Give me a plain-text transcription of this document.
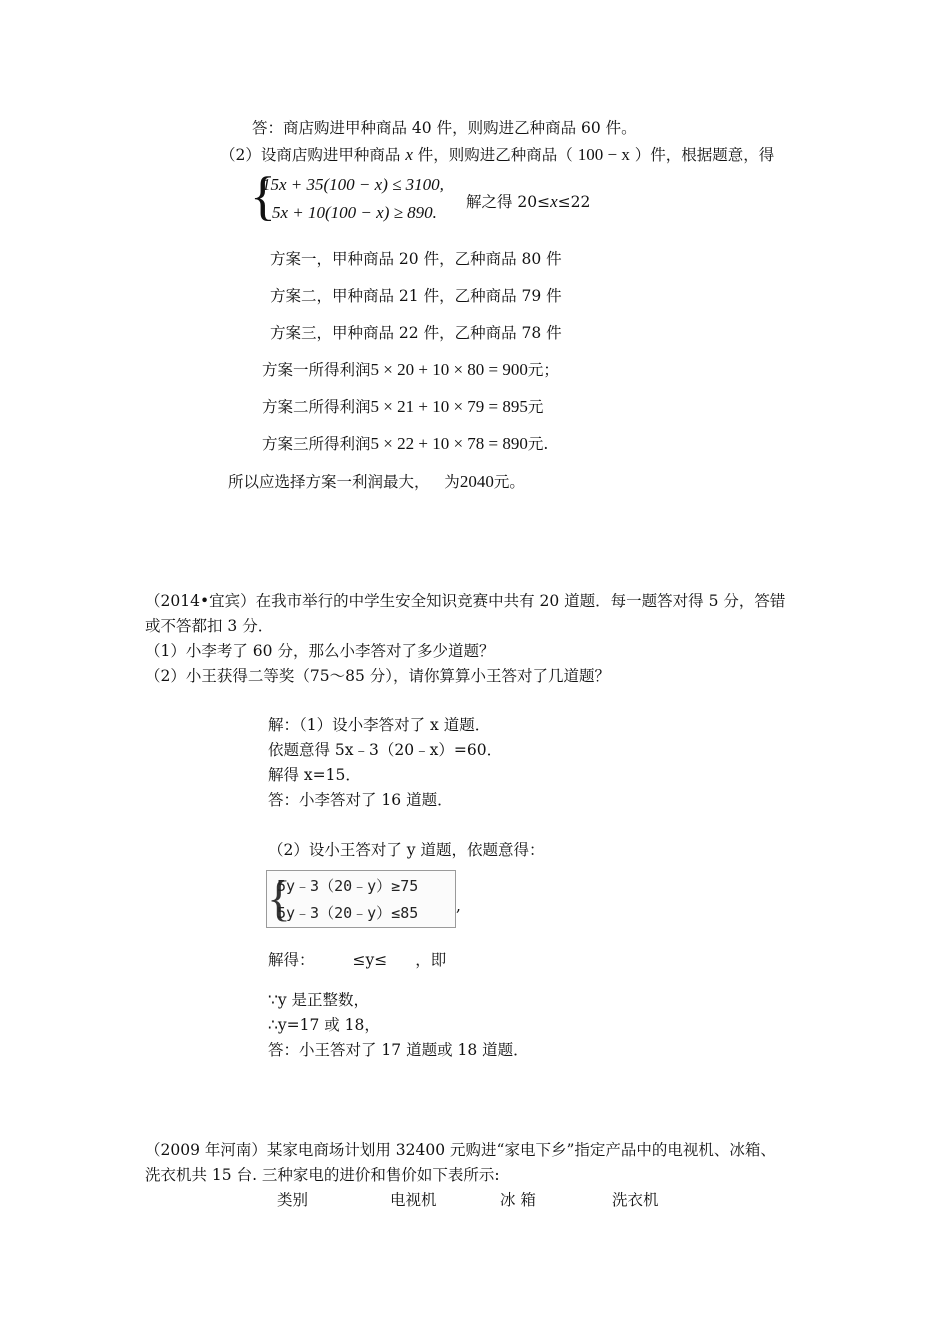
答：商店购进甲种商品 40 件，则购进乙种商品 60 件。
（2）设商店购进甲种商品 x 件，则购进乙种商品（ 100 − x ）件，根据题意，得
{
15x + 35(100 − x) ≤ 3100,
5x + 10(100 − x) ≥ 890.
解之得 20≤x≤22
方案一，甲种商品 20 件，乙种商品 80 件
方案二，甲种商品 21 件，乙种商品 79 件
方案三，甲种商品 22 件，乙种商品 78 件
方案一所得利润5 × 20 + 10 × 80 = 900元；
方案二所得利润5 × 21 + 10 × 79 = 895元
方案三所得利润5 × 22 + 10 × 78 = 890元.
所以应选择方案一利润最大， 为2040元。
（2014•宜宾）在我市举行的中学生安全知识竞赛中共有 20 道题．每一题答对得 5 分，答错
或不答都扣 3 分．
（1）小李考了 60 分，那么小李答对了多少道题？
（2）小王获得二等奖（75～85 分），请你算算小王答对了几道题？
解：（1）设小李答对了 x 道题．
依题意得 5x﹣3（20﹣x）=60．
解得 x=15．
答：小李答对了 16 道题．
（2）设小王答对了 y 道题，依题意得：
{
5y﹣3（20﹣y）≥75
5y﹣3（20﹣y）≤85 ,
解得： ≤y≤ ，即
∵y 是正整数，
∴y=17 或 18，
答：小王答对了 17 道题或 18 道题．
（2009 年河南）某家电商场计划用 32400 元购进“家电下乡”指定产品中的电视机、冰箱、
洗衣机共 15 台. 三种家电的进价和售价如下表所示:
类别	电视机	冰 箱	洗衣机
